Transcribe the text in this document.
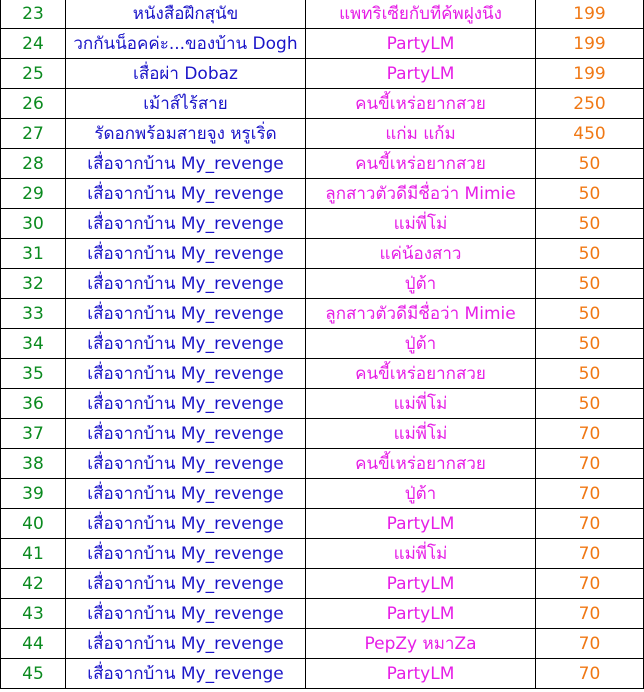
23	หนังสือฝึกสุนัข	แพทริเซียกับทีค้พฝูงนึง	199
24	วกกันน็อคค่ะ...ของบ้าน Dogh	PartyLM	199
25	เสื่อผ่า Dobaz	PartyLM	199
26	เม้าส์ไร้สาย	คนขี้เหร่อยากสวย	250
27	รัดอกพร้อมสายจูง หรูเริ่ด	แก่ม แก้ม	450
28	เสื่อจากบ้าน My_revenge	คนขี้เหร่อยากสวย	50
29	เสื่อจากบ้าน My_revenge	ลูกสาวตัวดีมีชื่อว่า Mimie	50
30	เสื่อจากบ้าน My_revenge	แม่พี่โม่	50
31	เสื่อจากบ้าน My_revenge	แค่น้องสาว	50
32	เสื่อจากบ้าน My_revenge	ปู่ต้า	50
33	เสื่อจากบ้าน My_revenge	ลูกสาวตัวดีมีชื่อว่า Mimie	50
34	เสื่อจากบ้าน My_revenge	ปู่ต้า	50
35	เสื่อจากบ้าน My_revenge	คนขี้เหร่อยากสวย	50
36	เสื่อจากบ้าน My_revenge	แม่พี่โม่	50
37	เสื่อจากบ้าน My_revenge	แม่พี่โม่	70
38	เสื่อจากบ้าน My_revenge	คนขี้เหร่อยากสวย	70
39	เสื่อจากบ้าน My_revenge	ปู่ต้า	70
40	เสื่อจากบ้าน My_revenge	PartyLM	70
41	เสื่อจากบ้าน My_revenge	แม่พี่โม่	70
42	เสื่อจากบ้าน My_revenge	PartyLM	70
43	เสื่อจากบ้าน My_revenge	PartyLM	70
44	เสื่อจากบ้าน My_revenge	PepZy หมาZa	70
45	เสื่อจากบ้าน My_revenge	PartyLM	70
